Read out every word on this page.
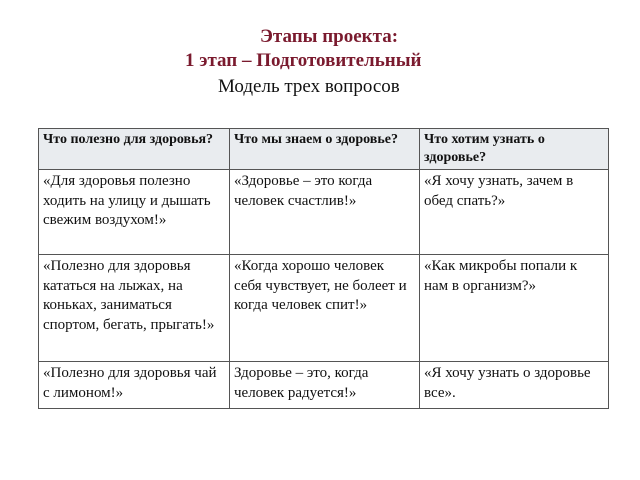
Этапы проекта:
1 этап – Подготовительный
Модель трех вопросов
Что полезно для здоровья?	Что мы знаем о здоровье?	Что хотим узнать о здоровье?
«Для здоровья полезно ходить на улицу и дышать свежим воздухом!»	«Здоровье – это когда человек счастлив!»	«Я хочу узнать, зачем в обед спать?»
«Полезно для здоровья кататься на лыжах, на коньках, заниматься спортом, бегать, прыгать!»	«Когда хорошо человек себя чувствует, не болеет и когда человек спит!»	«Как микробы попали к нам в организм?»
«Полезно для здоровья чай с лимоном!»	Здоровье – это, когда человек радуется!»	«Я хочу узнать о здоровье все».
